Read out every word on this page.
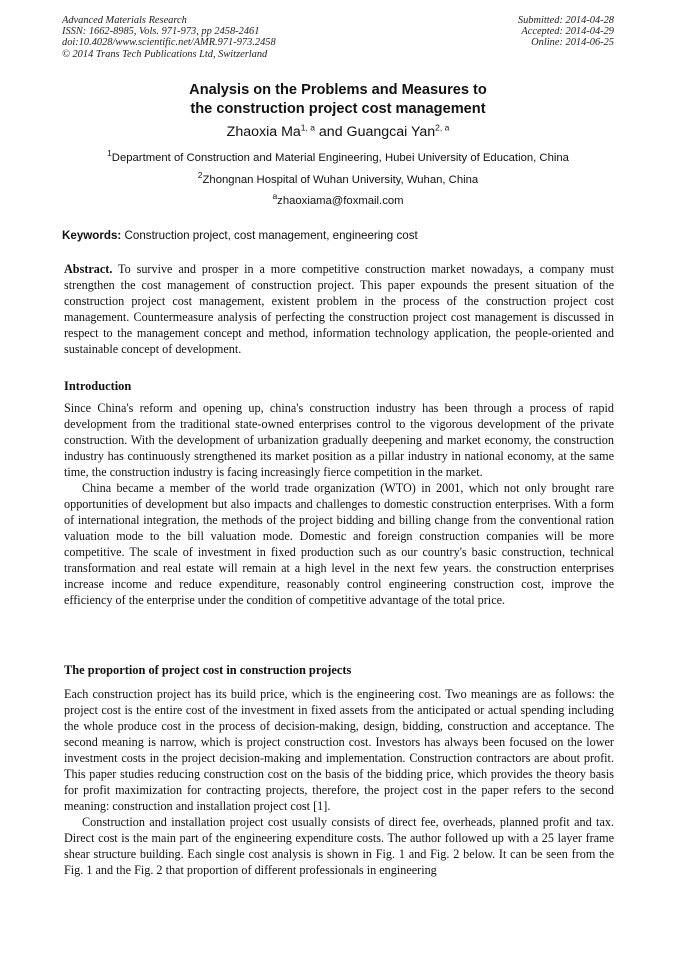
Advanced Materials Research
ISSN: 1662-8985, Vols. 971-973, pp 2458-2461
doi:10.4028/www.scientific.net/AMR.971-973.2458
© 2014 Trans Tech Publications Ltd, Switzerland
Submitted: 2014-04-28
Accepted: 2014-04-29
Online: 2014-06-25
Analysis on the Problems and Measures to
the construction project cost management
Zhaoxia Ma$^{1, a}$ and Guangcai Yan$^{2, a}$
$^1$Department of Construction and Material Engineering, Hubei University of Education, China
$^2$Zhongnan Hospital of Wuhan University, Wuhan, China
$^a$zhaoxiama@foxmail.com
Keywords: Construction project, cost management, engineering cost

Abstract. To survive and prosper in a more competitive construction market nowadays, a company must strengthen the cost management of construction project. This paper expounds the present situation of the construction project cost management, existent problem in the process of the construction project cost management. Countermeasure analysis of perfecting the construction project cost management is discussed in respect to the management concept and method, information technology application, the people-oriented and sustainable concept of development.

Introduction

Since China's reform and opening up, china's construction industry has been through a process of rapid development from the traditional state-owned enterprises control to the vigorous development of the private construction. With the development of urbanization gradually deepening and market economy, the construction industry has continuously strengthened its market position as a pillar industry in national economy, at the same time, the construction industry is facing increasingly fierce competition in the market.

China became a member of the world trade organization (WTO) in 2001, which not only brought rare opportunities of development but also impacts and challenges to domestic construction enterprises. With a form of international integration, the methods of the project bidding and billing change from the conventional ration valuation mode to the bill valuation mode. Domestic and foreign construction companies will be more competitive. The scale of investment in fixed production such as our country's basic construction, technical transformation and real estate will remain at a high level in the next few years. the construction enterprises increase income and reduce expenditure, reasonably control engineering construction cost, improve the efficiency of the enterprise under the condition of competitive advantage of the total price.

The proportion of project cost in construction projects

Each construction project has its build price, which is the engineering cost. Two meanings are as follows: the project cost is the entire cost of the investment in fixed assets from the anticipated or actual spending including the whole produce cost in the process of decision-making, design, bidding, construction and acceptance. The second meaning is narrow, which is project construction cost. Investors has always been focused on the lower investment costs in the project decision-making and implementation. Construction contractors are about profit. This paper studies reducing construction cost on the basis of the bidding price, which provides the theory basis for profit maximization for contracting projects, therefore, the project cost in the paper refers to the second meaning: construction and installation project cost [1].

Construction and installation project cost usually consists of direct fee, overheads, planned profit and tax. Direct cost is the main part of the engineering expenditure costs. The author followed up with a 25 layer frame shear structure building. Each single cost analysis is shown in Fig. 1 and Fig. 2 below. It can be seen from the Fig. 1 and the Fig. 2 that proportion of different professionals in engineering
